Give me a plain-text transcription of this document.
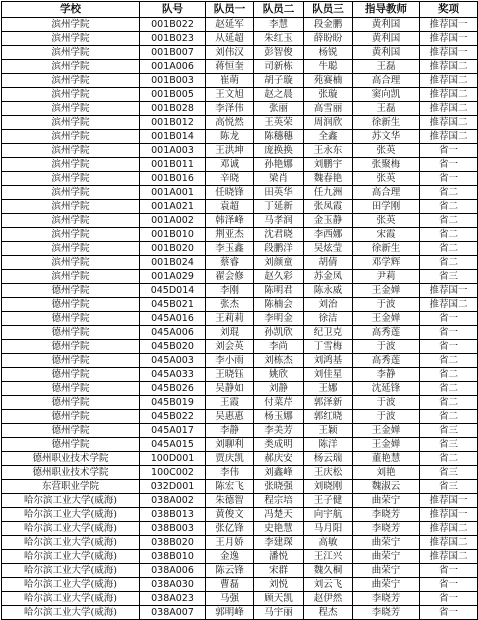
学校	队号	队员一	队员二	队员三	指导教师	奖项
滨州学院	001B022	赵延军	李慧	段金鹏	黄利国	推荐国一
滨州学院	001B023	从延超	朱红玉	薛盼盼	黄利国	推荐国一
滨州学院	001B007	刘伟汉	彭智俊	杨锐	黄利国	推荐国一
滨州学院	001A006	蒋恒奎	司新栋	牛聪	王磊	推荐国二
滨州学院	001B003	崔萌	胡子璇	苑赛楠	高合理	推荐国二
滨州学院	001B005	王文旭	赵之晨	张璇	窦向凯	推荐国二
滨州学院	001B028	李泽伟	张丽	高雪丽	王磊	推荐国二
滨州学院	001B012	高悦然	王英荣	周润欣	徐新生	推荐国二
滨州学院	001B014	陈龙	陈穗穗	全鑫	苏文华	推荐国二
滨州学院	001A003	王洪坤	庞换换	王永东	张英	省一
滨州学院	001B011	邓诚	孙艳娜	刘鹏宇	张聚梅	省一
滨州学院	001B016	辛晓	梁肖	魏春艳	张英	省一
滨州学院	001A001	任晓锋	田英华	任九洲	高合理	省二
滨州学院	001A021	袁超	丁延新	张凤霞	田学刚	省二
滨州学院	001A002	韩泽峰	马孝润	金玉静	张英	省二
滨州学院	001B010	荆亚杰	沈君晓	李西娜	宋霞	省二
滨州学院	001B020	李玉鑫	段鹏洋	吴炫莹	徐新生	省二
滨州学院	001B024	蔡睿	刘颜童	胡倩	邓学辉	省二
滨州学院	001A029	翟会修	赵久彩	苏金凤	尹莉	省三
德州学院	045D014	李刚	陈明君	陈永威	王金婵	推荐国一
德州学院	045B021	张杰	陈楠会	刘治	于波	推荐国二
德州学院	045A016	王莉莉	李明金	徐洁	王金婵	省一
德州学院	045A006	刘琨	孙凯欣	纪卫克	高秀莲	省一
德州学院	045B020	刘会英	李尚	丁雪梅	于波	省一
德州学院	045A003	李小雨	刘栋杰	刘鸿基	高秀莲	省二
德州学院	045A033	王晓钰	姚欣	刘佳星	李静	省二
德州学院	045B026	吴静如	刘静	王娜	沈延锋	省二
德州学院	045B019	王霞	付菜芹	郭泽新	于波	省二
德州学院	045B022	吴惠惠	杨玉娜	郭红晓	于波	省二
德州学院	045A017	李静	李美芳	王颖	王金婵	省三
德州学院	045A015	刘聊利	类成明	陈洋	王金婵	省三
德州职业技术学院	100D001	贾庆凯	郝庆安	杨云瑞	董艳慧	省二
德州职业技术学院	100C002	李伟	刘鑫峰	王庆松	刘艳	省三
东营职业学院	032D001	陈宏飞	张晓强	刘晓刚	魏淑云	省三
哈尔滨工业大学(威海)	038A002	朱德智	程宗培	王子健	曲荣宁	推荐国一
哈尔滨工业大学(威海)	038B013	黄俊文	冯楚天	向宇航	李晓芳	推荐国一
哈尔滨工业大学(威海)	038B003	张亿锋	史艳慧	马月阳	李晓芳	推荐国二
哈尔滨工业大学(威海)	038B020	王月娇	李建琛	高敏	曲荣宁	推荐国二
哈尔滨工业大学(威海)	038B010	金逸	潘悦	王江兴	曲荣宁	推荐国二
哈尔滨工业大学(威海)	038A006	陈云锋	宋群	魏久桐	曲荣宁	省一
哈尔滨工业大学(威海)	038A030	曹磊	刘悦	刘云飞	曲荣宁	省一
哈尔滨工业大学(威海)	038A023	马强	顾天凯	赵伊然	李晓芳	省一
哈尔滨工业大学(威海)	038A007	郭明峰	马宇丽	程杰	李晓芳	省一
